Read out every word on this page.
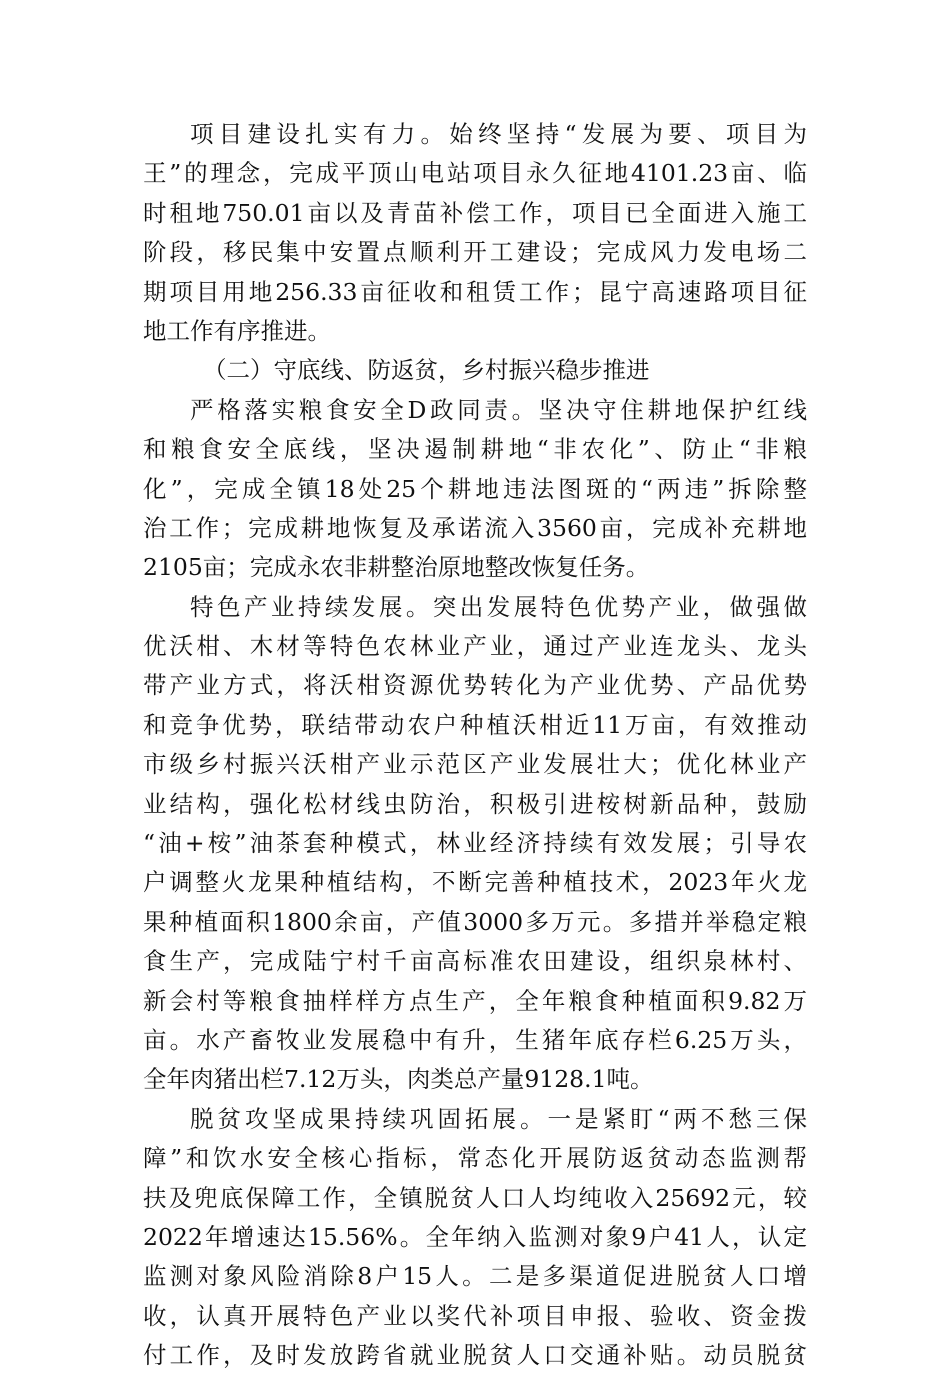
项目建设扎实有力。始终坚持“发展为要、项目为
王”的理念，完成平顶山电站项目永久征地4101.23亩、临
时租地750.01亩以及青苗补偿工作，项目已全面进入施工
阶段，移民集中安置点顺利开工建设；完成风力发电场二
期项目用地256.33亩征收和租赁工作；昆宁高速路项目征
地工作有序推进。
（二）守底线、防返贫，乡村振兴稳步推进
严格落实粮食安全D政同责。坚决守住耕地保护红线
和粮食安全底线，坚决遏制耕地“非农化”、防止“非粮
化”，完成全镇18处25个耕地违法图斑的“两违”拆除整
治工作；完成耕地恢复及承诺流入3560亩，完成补充耕地
2105亩；完成永农非耕整治原地整改恢复任务。
特色产业持续发展。突出发展特色优势产业，做强做
优沃柑、木材等特色农林业产业，通过产业连龙头、龙头
带产业方式，将沃柑资源优势转化为产业优势、产品优势
和竞争优势，联结带动农户种植沃柑近11万亩，有效推动
市级乡村振兴沃柑产业示范区产业发展壮大；优化林业产
业结构，强化松材线虫防治，积极引进桉树新品种，鼓励
“油+桉”油茶套种模式，林业经济持续有效发展；引导农
户调整火龙果种植结构，不断完善种植技术，2023年火龙
果种植面积1800余亩，产值3000多万元。多措并举稳定粮
食生产，完成陆宁村千亩高标准农田建设，组织泉林村、
新会村等粮食抽样样方点生产，全年粮食种植面积9.82万
亩。水产畜牧业发展稳中有升，生猪年底存栏6.25万头，
全年肉猪出栏7.12万头，肉类总产量9128.1吨。
脱贫攻坚成果持续巩固拓展。一是紧盯“两不愁三保
障”和饮水安全核心指标，常态化开展防返贫动态监测帮
扶及兜底保障工作，全镇脱贫人口人均纯收入25692元，较
2022年增速达15.56%。全年纳入监测对象9户41人，认定
监测对象风险消除8户15人。二是多渠道促进脱贫人口增
收，认真开展特色产业以奖代补项目申报、验收、资金拨
付工作，及时发放跨省就业脱贫人口交通补贴。动员脱贫
